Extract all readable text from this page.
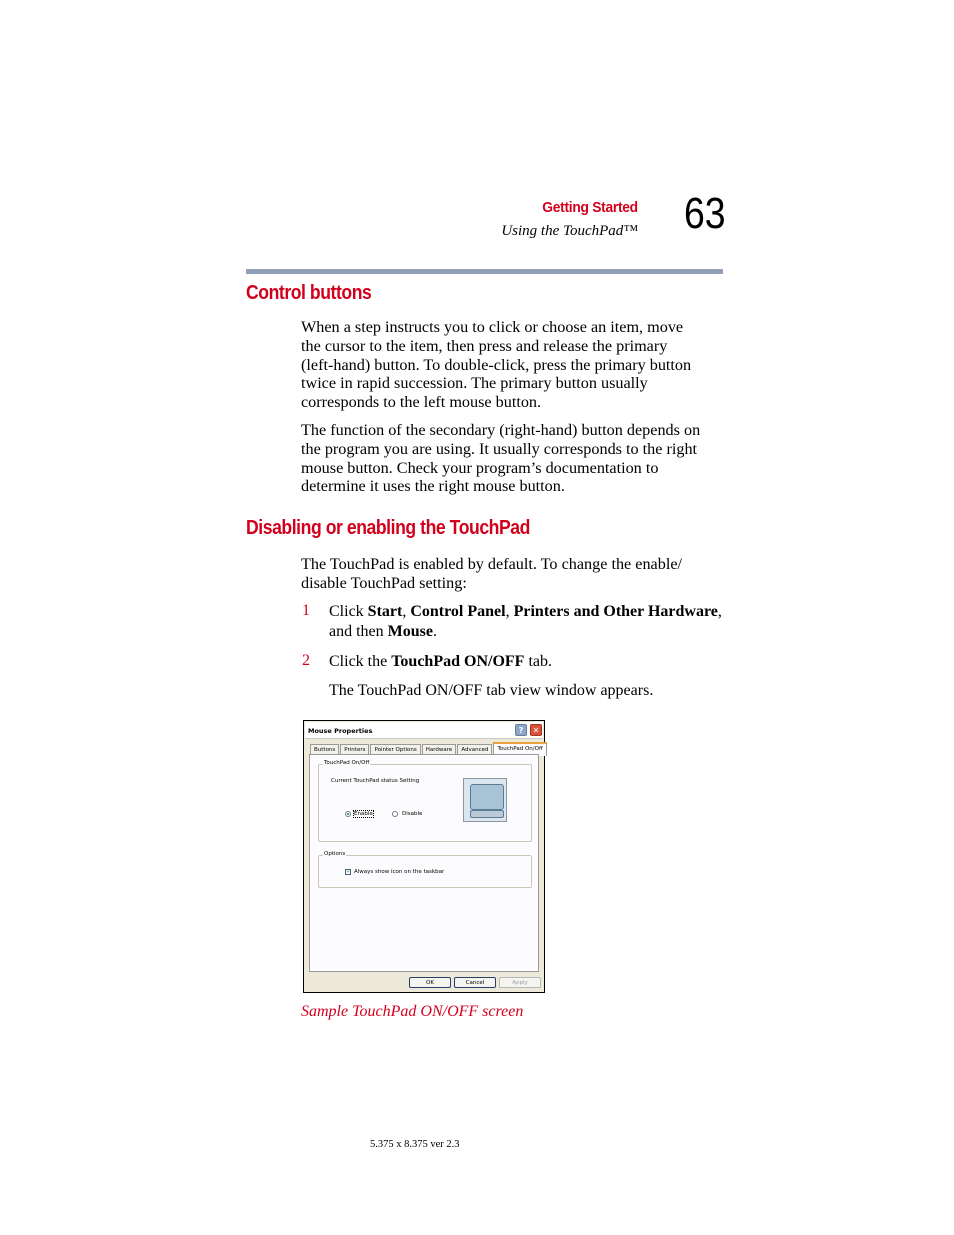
Getting Started
Using the TouchPad™ 63
Control buttons
When a step instructs you to click or choose an item, move
the cursor to the item, then press and release the primary
(left-hand) button. To double-click, press the primary button
twice in rapid succession. The primary button usually
corresponds to the left mouse button.
The function of the secondary (right-hand) button depends on
the program you are using. It usually corresponds to the right
mouse button. Check your program’s documentation to
determine it uses the right mouse button.
Disabling or enabling the TouchPad
The TouchPad is enabled by default. To change the enable/
disable TouchPad setting:
1 Click Start, Control Panel, Printers and Other Hardware,
and then Mouse.
2 Click the TouchPad ON/OFF tab.
The TouchPad ON/OFF tab view window appears.
Mouse Properties	?	✕
Buttons	Printers	Pointer Options	Hardware	Advanced	TouchPad On/Off
TouchPad On/Off
Current TouchPad status Setting
Enable	Disable
Options
✓ Always show icon on the taskbar
OK	Cancel	Apply
Sample TouchPad ON/OFF screen
5.375 x 8.375 ver 2.3
